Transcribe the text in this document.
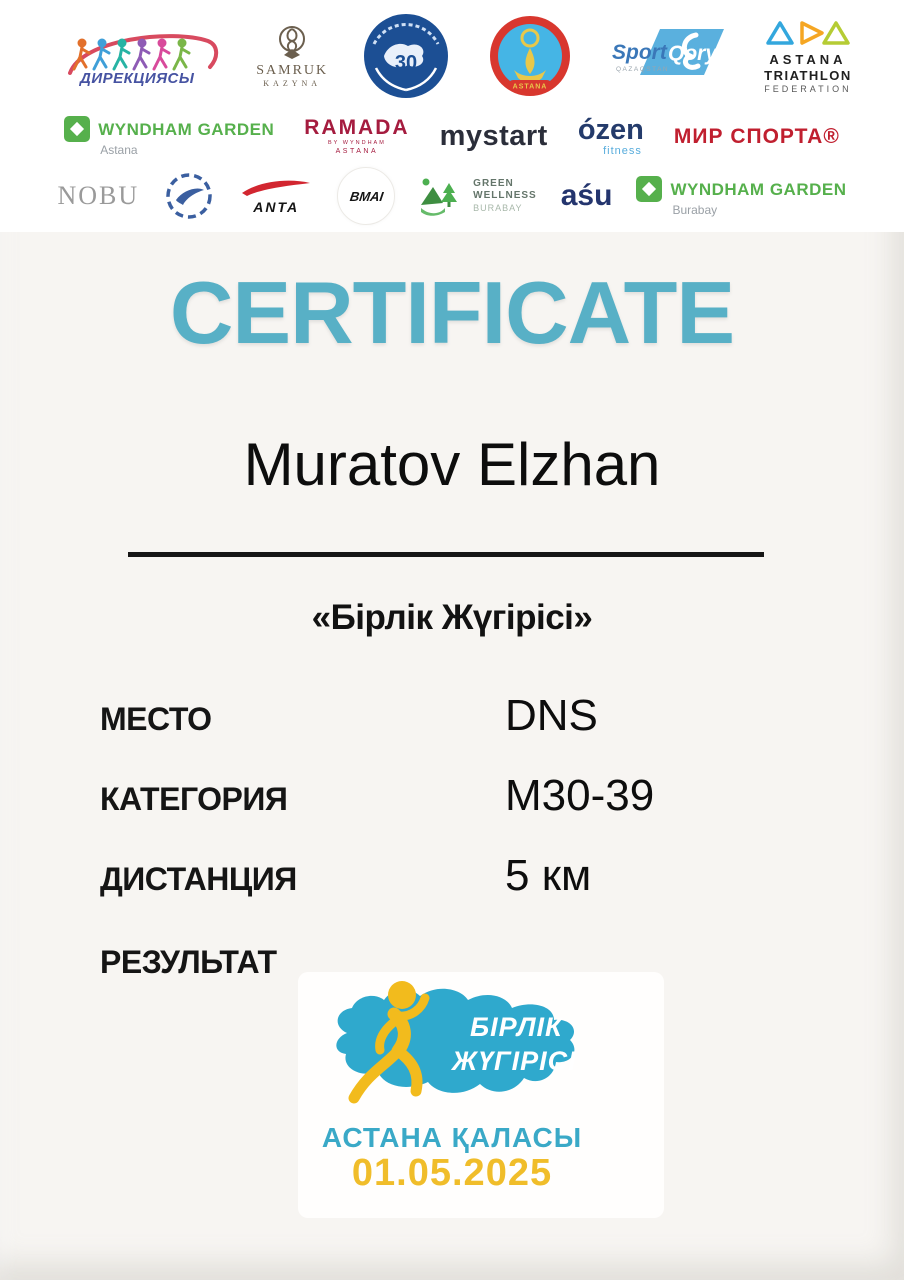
ДИРЕКЦИЯСЫ	SAMRUK
KAZYNA
30
ASTANA
Sport Qory
QAZAQSTAN
ASTANA
TRIATHLON
FEDERATION
WYNDHAM GARDEN
Astana
RAMADA
BY WYNDHAM
ASTANA
mystart ózen
fitness
МИР СПОРТА®
NOBU	ANTA
BMAI
GREEN
WELLNESS
BURABAY	aśu	WYNDHAM GARDEN
Burabay
CERTIFICATE
Muratov Elzhan
«Бірлік Жүгірісі»
МЕСТО	DNS
КАТЕГОРИЯ	M30-39
ДИСТАНЦИЯ	5 км
РЕЗУЛЬТАТ
БІРЛІК
ЖҮГІРІСІ
АСТАНА ҚАЛАСЫ
01.05.2025
